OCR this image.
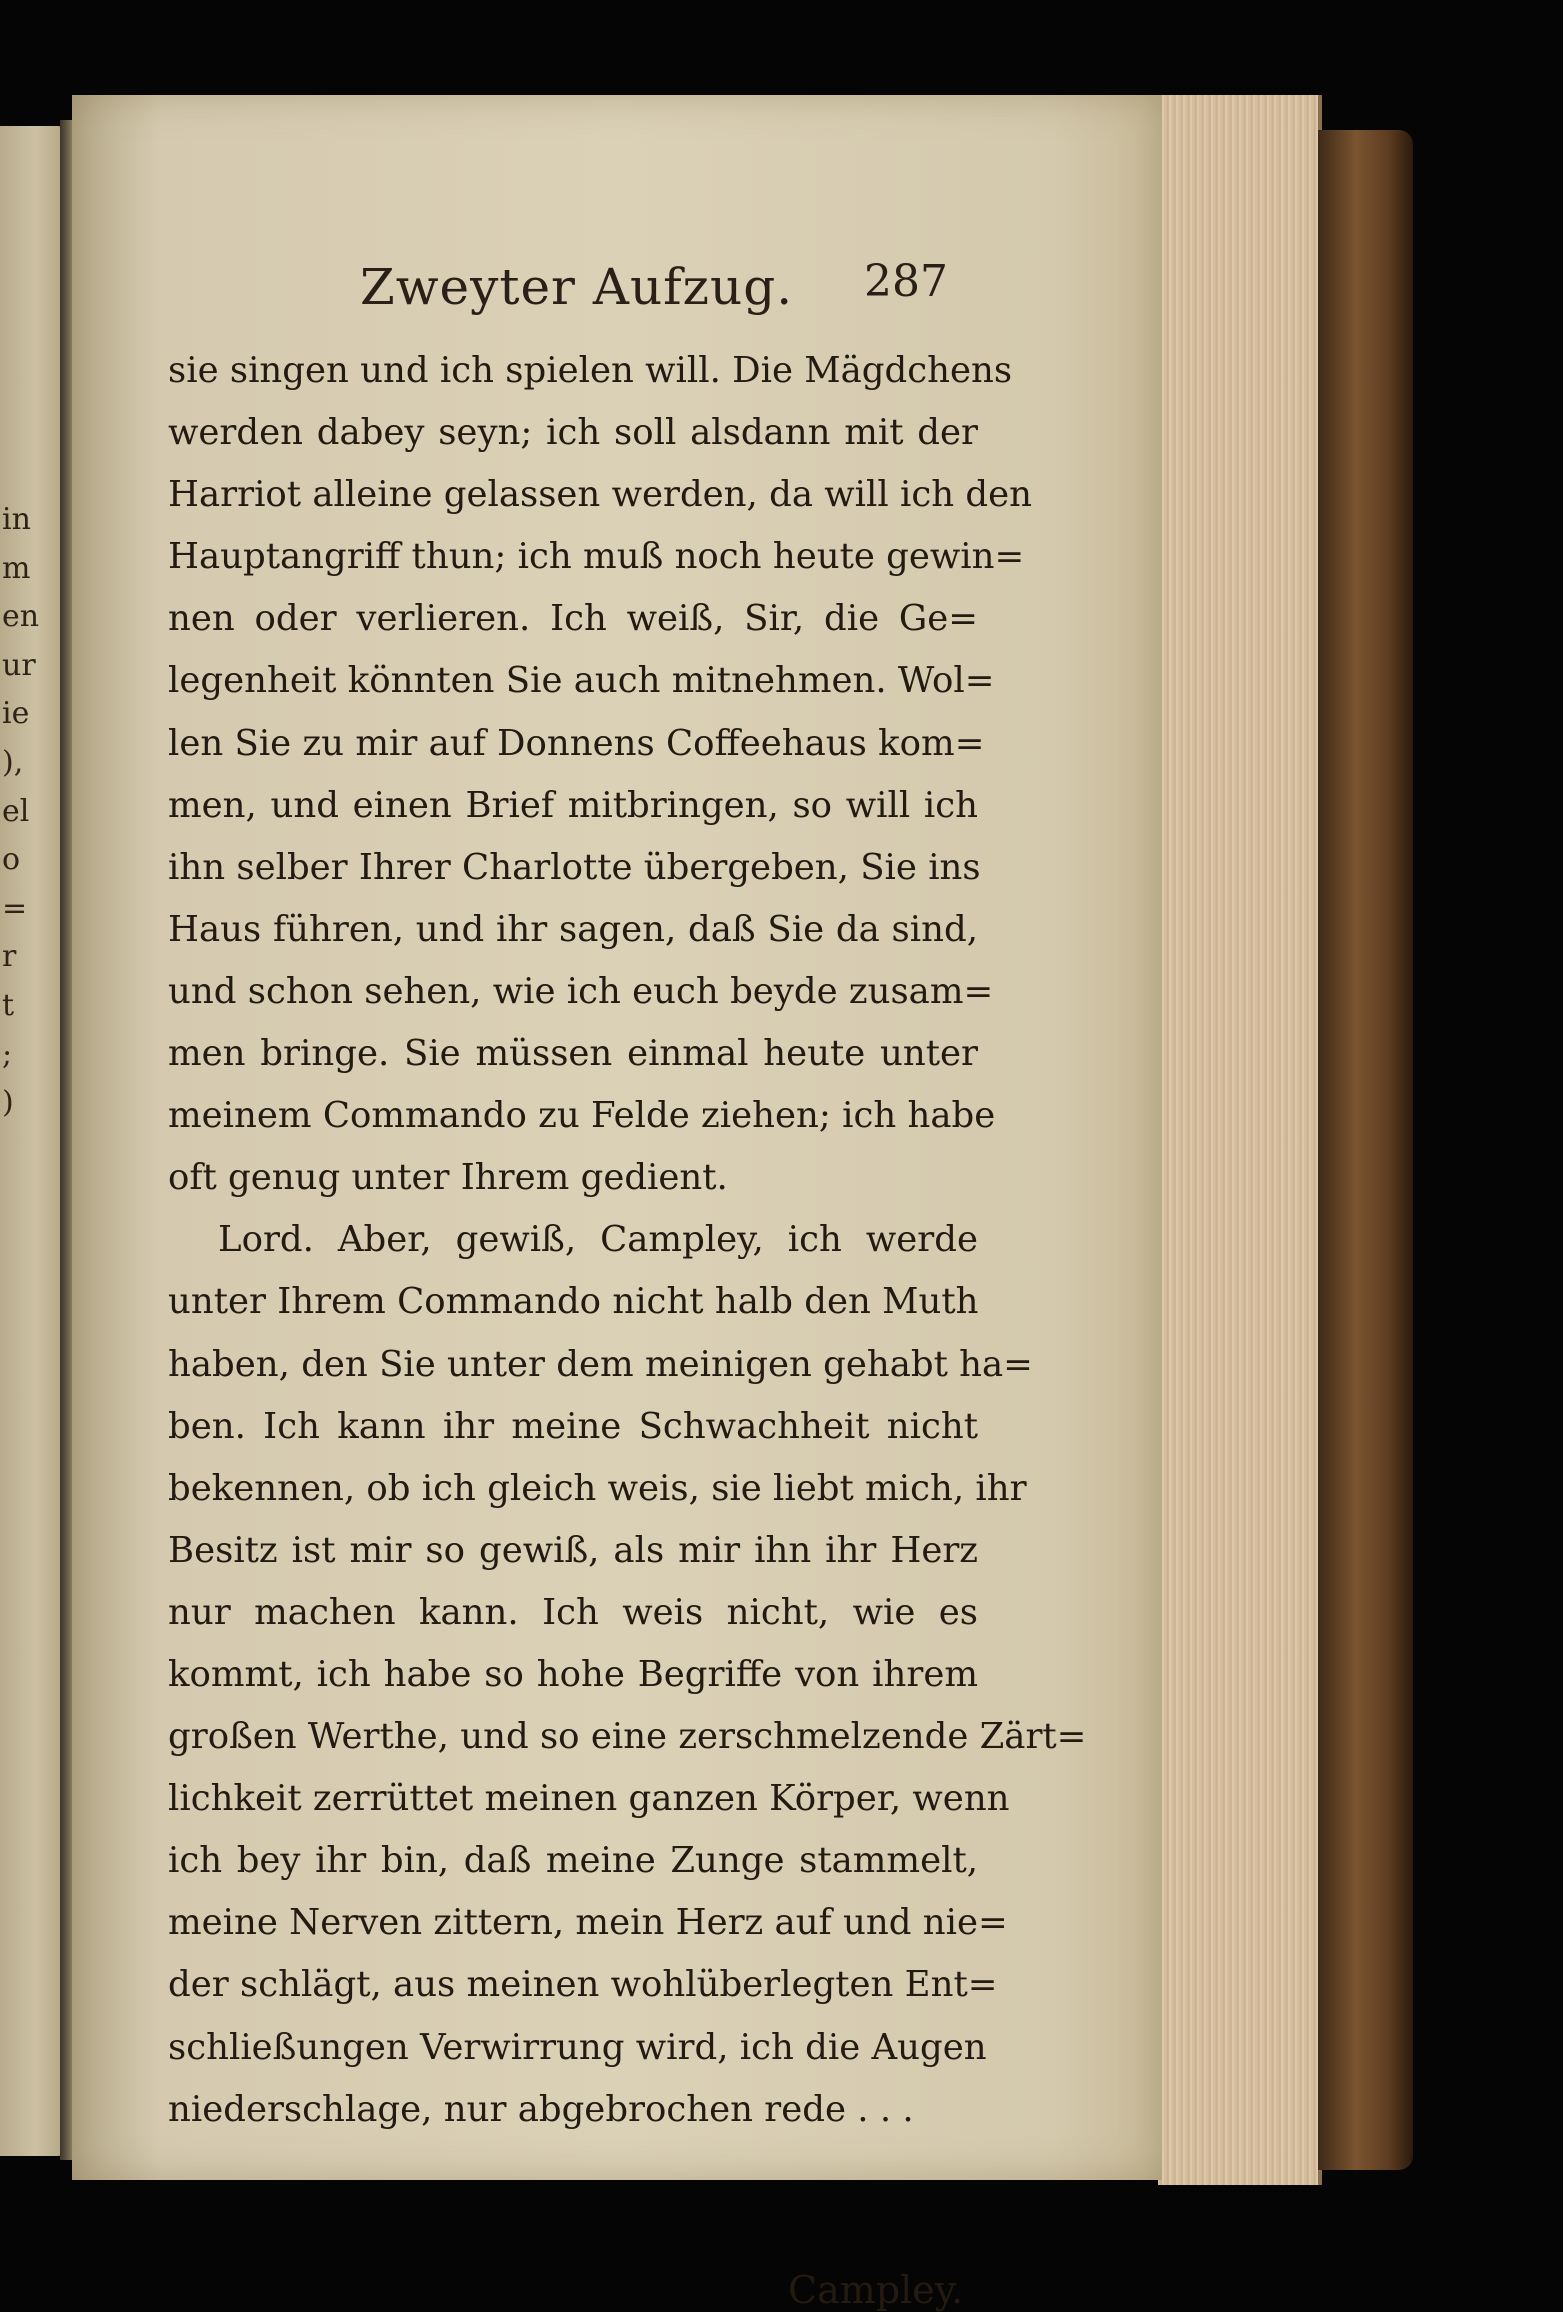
in
m
en
ur
ie
),
el
o
=
r
t
;
)
Zweyter Aufzug. 287
sie singen und ich spielen will. Die Mägdchens
werden dabey seyn; ich soll alsdann mit der
Harriot alleine gelassen werden, da will ich den
Hauptangriff thun; ich muß noch heute gewin=
nen oder verlieren. Ich weiß, Sir, die Ge=
legenheit könnten Sie auch mitnehmen. Wol=
len Sie zu mir auf Donnens Coffeehaus kom=
men, und einen Brief mitbringen, so will ich
ihn selber Ihrer Charlotte übergeben, Sie ins
Haus führen, und ihr sagen, daß Sie da sind,
und schon sehen, wie ich euch beyde zusam=
men bringe. Sie müssen einmal heute unter
meinem Commando zu Felde ziehen; ich habe
oft genug unter Ihrem gedient.
Lord. Aber, gewiß, Campley, ich werde
unter Ihrem Commando nicht halb den Muth
haben, den Sie unter dem meinigen gehabt ha=
ben. Ich kann ihr meine Schwachheit nicht
bekennen, ob ich gleich weis, sie liebt mich, ihr
Besitz ist mir so gewiß, als mir ihn ihr Herz
nur machen kann. Ich weis nicht, wie es
kommt, ich habe so hohe Begriffe von ihrem
großen Werthe, und so eine zerschmelzende Zärt=
lichkeit zerrüttet meinen ganzen Körper, wenn
ich bey ihr bin, daß meine Zunge stammelt,
meine Nerven zittern, mein Herz auf und nie=
der schlägt, aus meinen wohlüberlegten Ent=
schließungen Verwirrung wird, ich die Augen
niederschlage, nur abgebrochen rede . . .
Campley.
